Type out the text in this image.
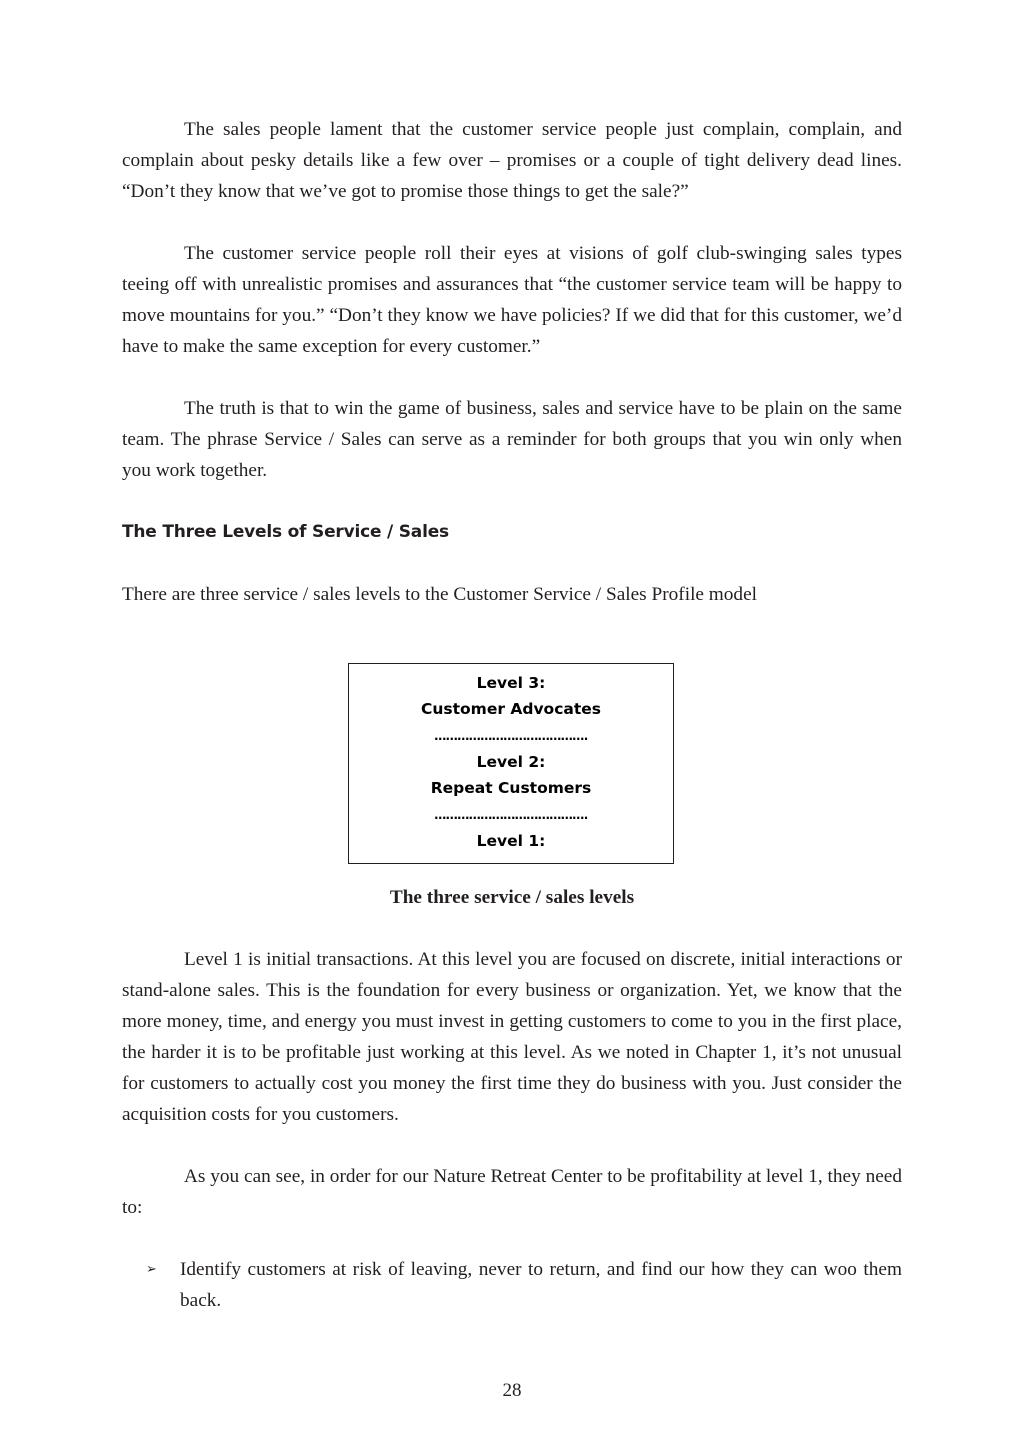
The sales people lament that the customer service people just complain, complain, and complain about pesky details like a few over – promises or a couple of tight delivery dead lines. “Don’t they know that we’ve got to promise those things to get the sale?”

The customer service people roll their eyes at visions of golf club-swinging sales types teeing off with unrealistic promises and assurances that “the customer service team will be happy to move mountains for you.” “Don’t they know we have policies? If we did that for this customer, we’d have to make the same exception for every customer.”

The truth is that to win the game of business, sales and service have to be plain on the same team. The phrase Service / Sales can serve as a reminder for both groups that you win only when you work together.

The Three Levels of Service / Sales

There are three service / sales levels to the Customer Service / Sales Profile model

Level 3:
Customer Advocates
………………………………….
Level 2:
Repeat Customers
………………………………….
Level 1:
The three service / sales levels

Level 1 is initial transactions. At this level you are focused on discrete, initial interactions or stand-alone sales. This is the foundation for every business or organization. Yet, we know that the more money, time, and energy you must invest in getting customers to come to you in the first place, the harder it is to be profitable just working at this level. As we noted in Chapter 1, it’s not unusual for customers to actually cost you money the first time they do business with you. Just consider the acquisition costs for you customers.

As you can see, in order for our Nature Retreat Center to be profitability at level 1, they need to:

➢ Identify customers at risk of leaving, never to return, and find our how they can woo them back.
28
